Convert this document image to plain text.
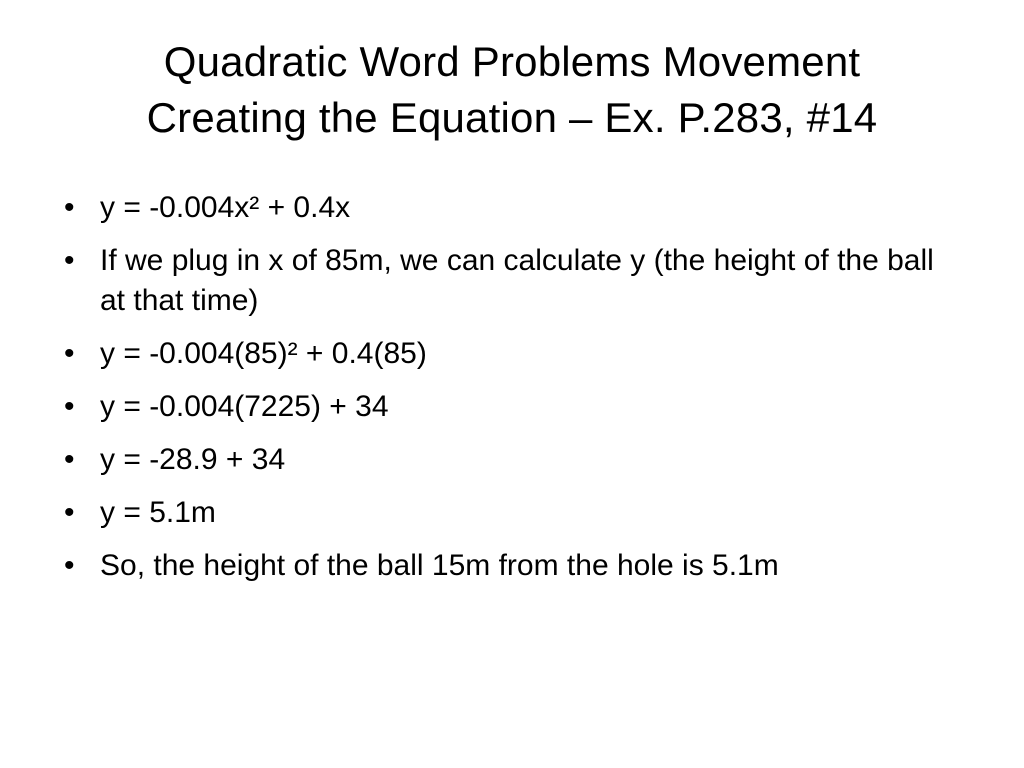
Quadratic Word Problems Movement
Creating the Equation – Ex. P.283, #14
• y = -0.004x² + 0.4x
• If we plug in x of 85m, we can calculate y (the height of the ball at that time)
• y = -0.004(85)² + 0.4(85)
• y = -0.004(7225) + 34
• y = -28.9 + 34
• y = 5.1m
• So, the height of the ball 15m from the hole is 5.1m
